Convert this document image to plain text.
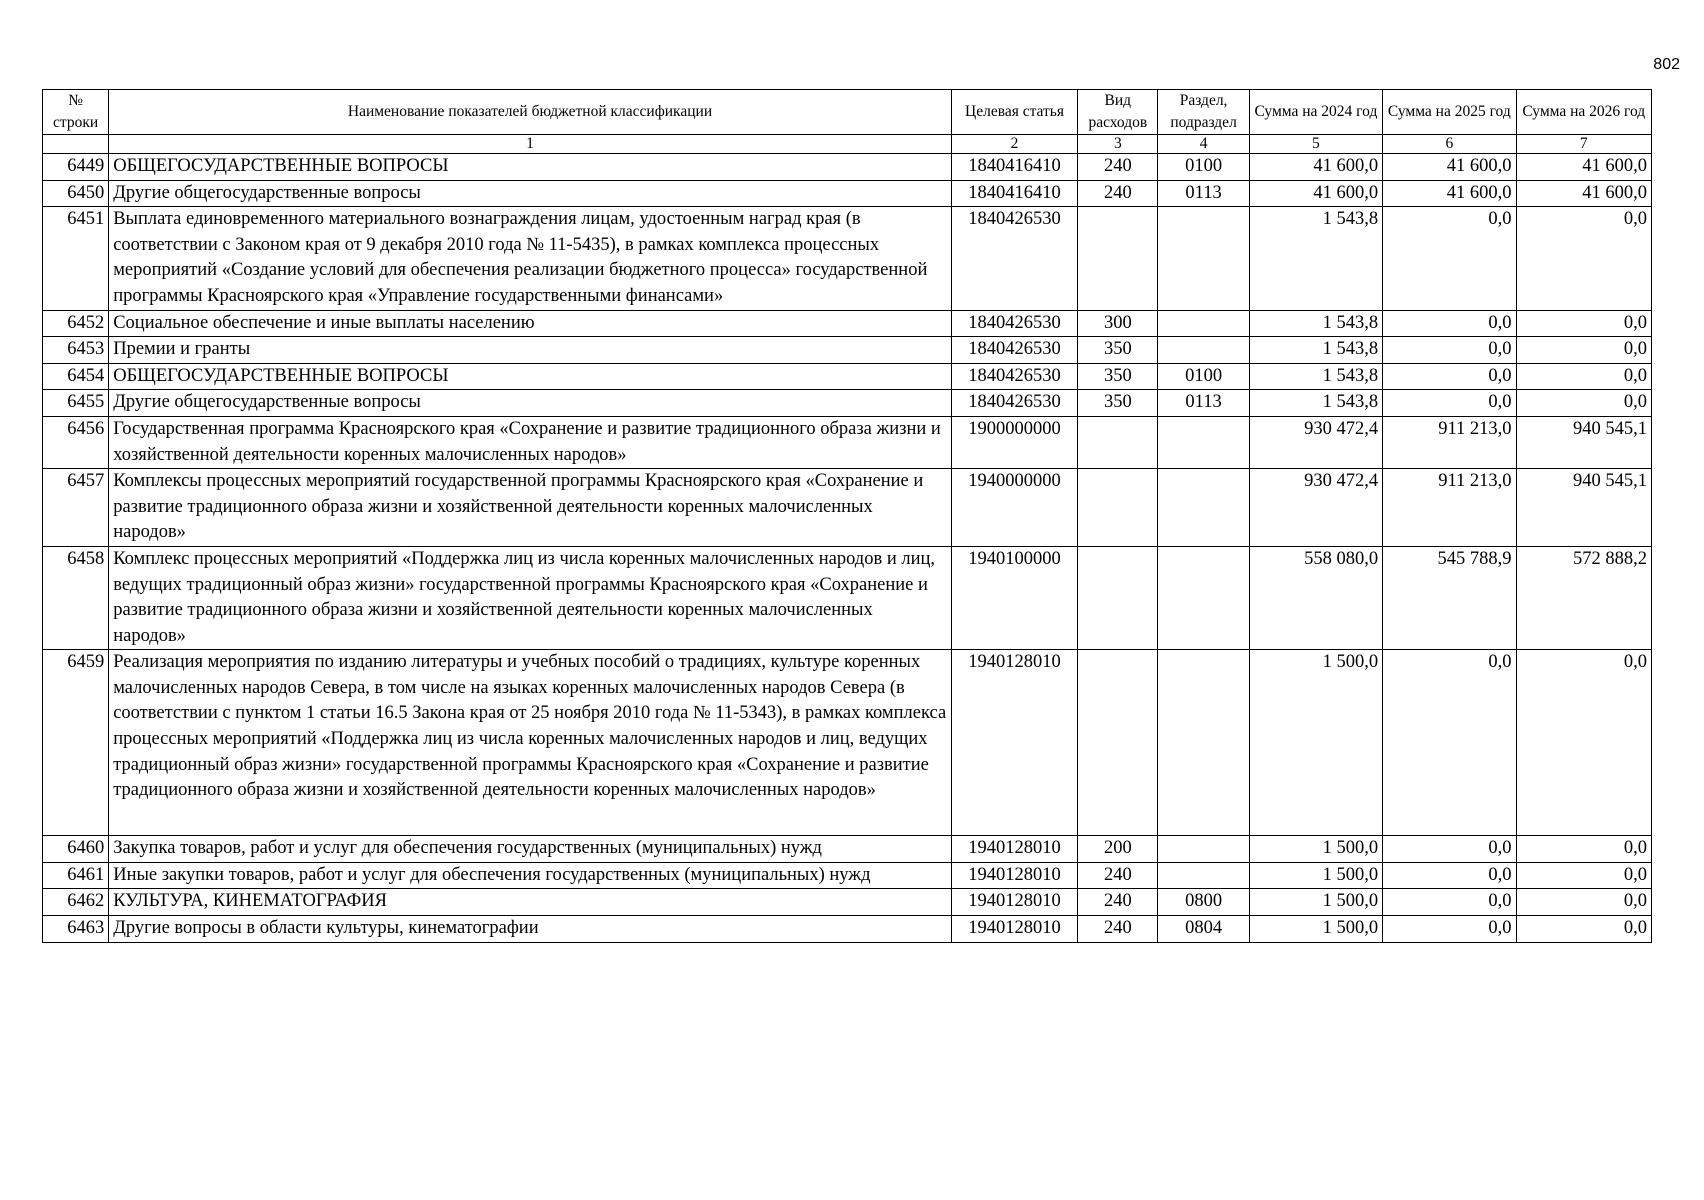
802
№ строки	Наименование показателей бюджетной классификации	Целевая статья	Вид расходов	Раздел, подраздел	Сумма на 2024 год	Сумма на 2025 год	Сумма на 2026 год
	1	2	3	4	5	6	7
6449	ОБЩЕГОСУДАРСТВЕННЫЕ ВОПРОСЫ	1840416410	240	0100	41 600,0	41 600,0	41 600,0
6450	Другие общегосударственные вопросы	1840416410	240	0113	41 600,0	41 600,0	41 600,0
6451	Выплата единовременного материального вознаграждения лицам, удостоенным наград края (в соответствии с Законом края от 9 декабря 2010 года № 11-5435), в рамках комплекса процессных мероприятий «Создание условий для обеспечения реализации бюджетного процесса» государственной программы Красноярского края «Управление государственными финансами»	1840426530			1 543,8	0,0	0,0
6452	Социальное обеспечение и иные выплаты населению	1840426530	300		1 543,8	0,0	0,0
6453	Премии и гранты	1840426530	350		1 543,8	0,0	0,0
6454	ОБЩЕГОСУДАРСТВЕННЫЕ ВОПРОСЫ	1840426530	350	0100	1 543,8	0,0	0,0
6455	Другие общегосударственные вопросы	1840426530	350	0113	1 543,8	0,0	0,0
6456	Государственная программа Красноярского края «Сохранение и развитие традиционного образа жизни и хозяйственной деятельности коренных малочисленных народов»	1900000000			930 472,4	911 213,0	940 545,1
6457	Комплексы процессных мероприятий государственной программы Красноярского края «Сохранение и развитие традиционного образа жизни и хозяйственной деятельности коренных малочисленных народов»	1940000000			930 472,4	911 213,0	940 545,1
6458	Комплекс процессных мероприятий «Поддержка лиц из числа коренных малочисленных народов и лиц, ведущих традиционный образ жизни» государственной программы Красноярского края «Сохранение и развитие традиционного образа жизни и хозяйственной деятельности коренных малочисленных народов»	1940100000			558 080,0	545 788,9	572 888,2
6459	Реализация мероприятия по изданию литературы и учебных пособий о традициях, культуре коренных малочисленных народов Севера, в том числе на языках коренных малочисленных народов Севера (в соответствии с пунктом 1 статьи 16.5 Закона края от 25 ноября 2010 года № 11-5343), в рамках комплекса процессных мероприятий «Поддержка лиц из числа коренных малочисленных народов и лиц, ведущих традиционный образ жизни» государственной программы Красноярского края «Сохранение и развитие традиционного образа жизни и хозяйственной деятельности коренных малочисленных народов»	1940128010			1 500,0	0,0	0,0
6460	Закупка товаров, работ и услуг для обеспечения государственных (муниципальных) нужд	1940128010	200		1 500,0	0,0	0,0
6461	Иные закупки товаров, работ и услуг для обеспечения государственных (муниципальных) нужд	1940128010	240		1 500,0	0,0	0,0
6462	КУЛЬТУРА, КИНЕМАТОГРАФИЯ	1940128010	240	0800	1 500,0	0,0	0,0
6463	Другие вопросы в области культуры, кинематографии	1940128010	240	0804	1 500,0	0,0	0,0
